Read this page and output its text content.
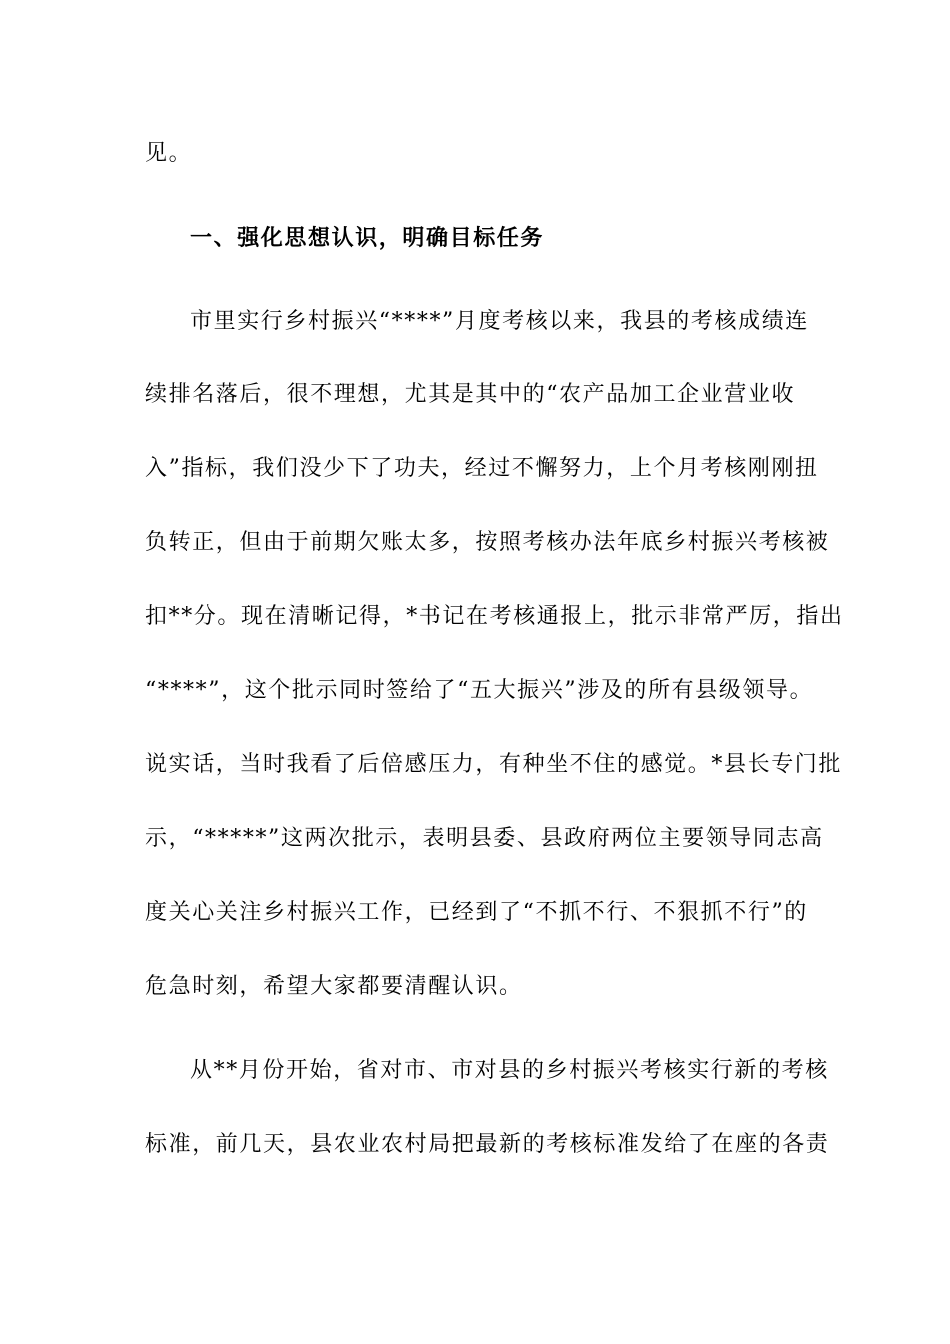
见。
一、强化思想认识，明确目标任务
市里实行乡村振兴“****”月度考核以来，我县的考核成绩连
续排名落后，很不理想，尤其是其中的“农产品加工企业营业收
入”指标，我们没少下了功夫，经过不懈努力，上个月考核刚刚扭
负转正，但由于前期欠账太多，按照考核办法年底乡村振兴考核被
扣**分。现在清晰记得，*书记在考核通报上，批示非常严厉，指出
“****”，这个批示同时签给了“五大振兴”涉及的所有县级领导。
说实话，当时我看了后倍感压力，有种坐不住的感觉。*县长专门批
示，“*****”这两次批示，表明县委、县政府两位主要领导同志高
度关心关注乡村振兴工作，已经到了“不抓不行、不狠抓不行”的
危急时刻，希望大家都要清醒认识。
从**月份开始，省对市、市对县的乡村振兴考核实行新的考核
标准，前几天，县农业农村局把最新的考核标准发给了在座的各责
